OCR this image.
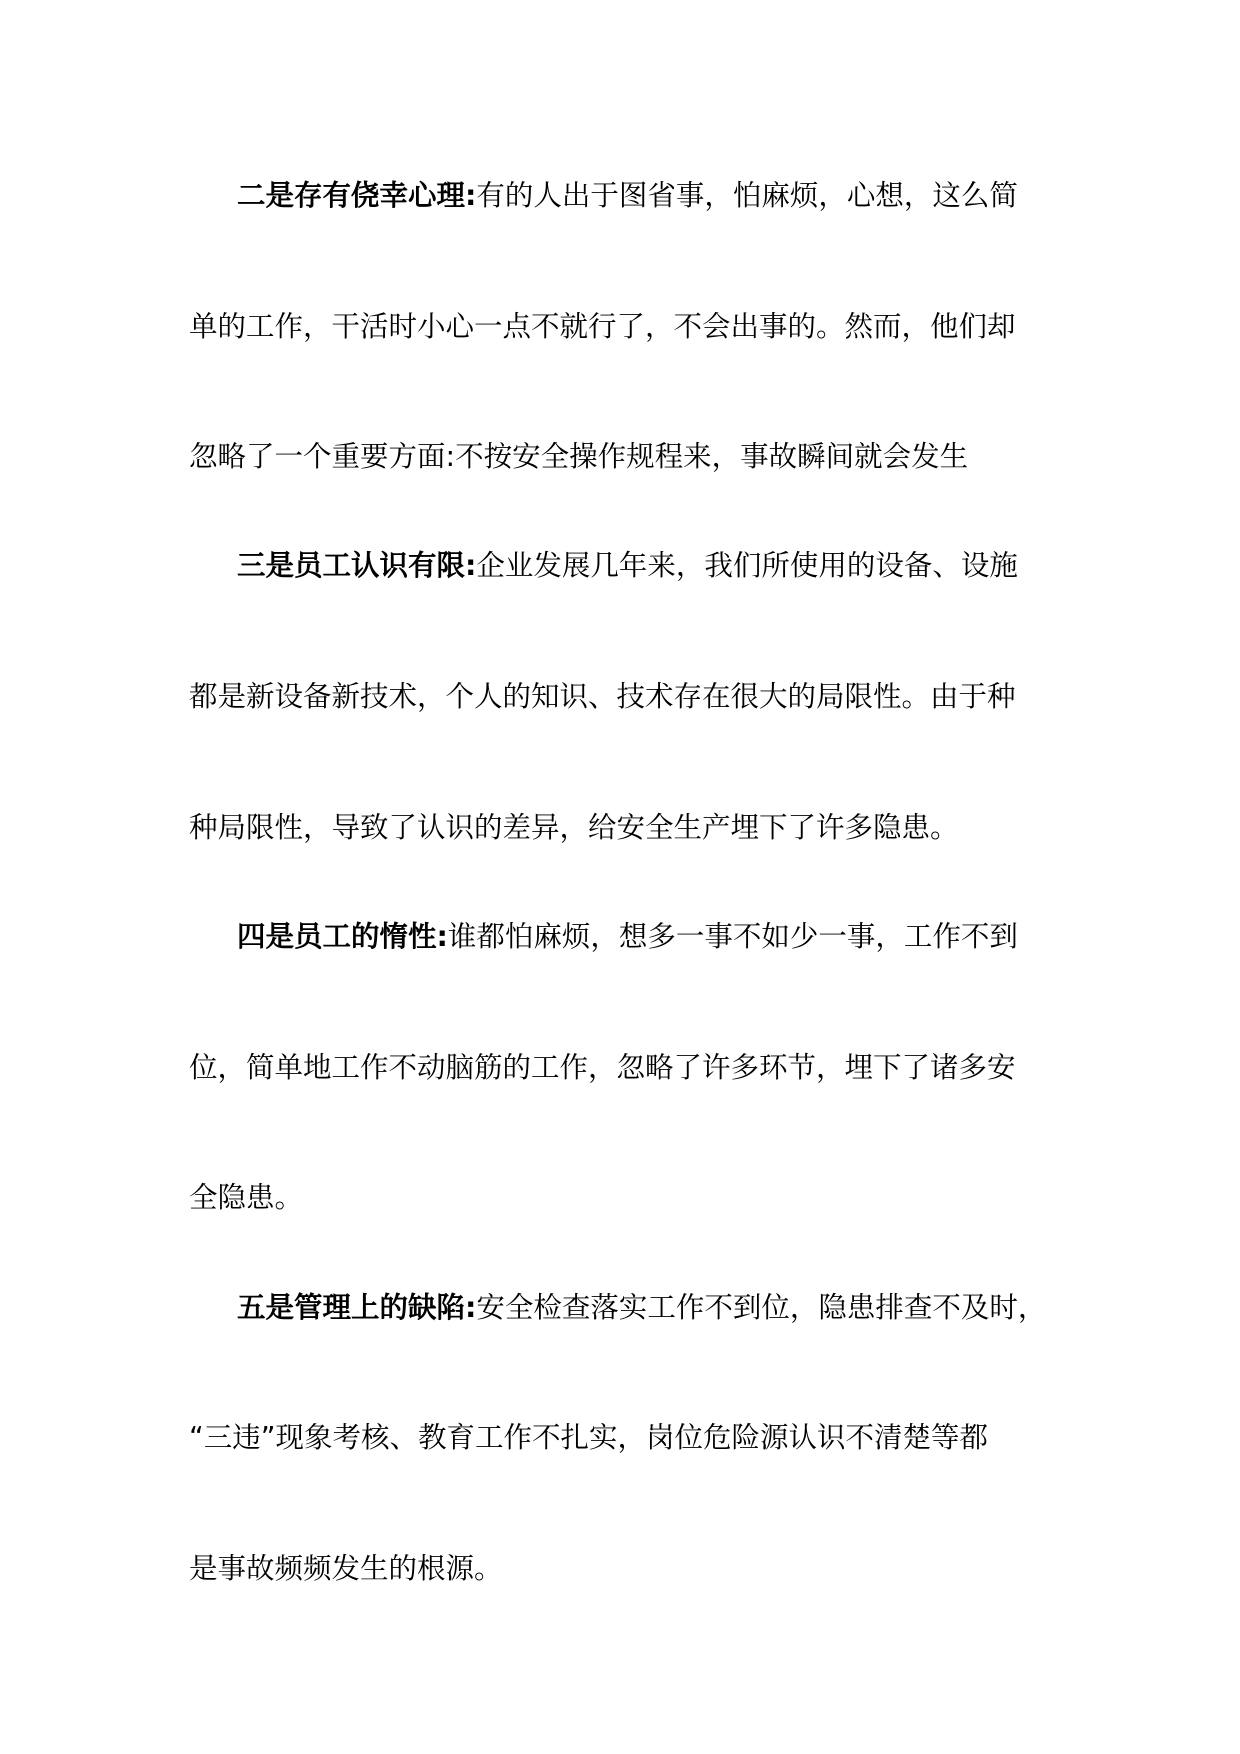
二是存有侥幸心理:有的人出于图省事，怕麻烦，心想，这么简
单的工作，干活时小心一点不就行了，不会出事的。然而，他们却
忽略了一个重要方面:不按安全操作规程来，事故瞬间就会发生
三是员工认识有限:企业发展几年来，我们所使用的设备、设施
都是新设备新技术，个人的知识、技术存在很大的局限性。由于种
种局限性，导致了认识的差异，给安全生产埋下了许多隐患。
四是员工的惰性:谁都怕麻烦，想多一事不如少一事，工作不到
位，简单地工作不动脑筋的工作，忽略了许多环节，埋下了诸多安
全隐患。
五是管理上的缺陷:安全检查落实工作不到位，隐患排查不及时，
“三违”现象考核、教育工作不扎实，岗位危险源认识不清楚等都
是事故频频发生的根源。
